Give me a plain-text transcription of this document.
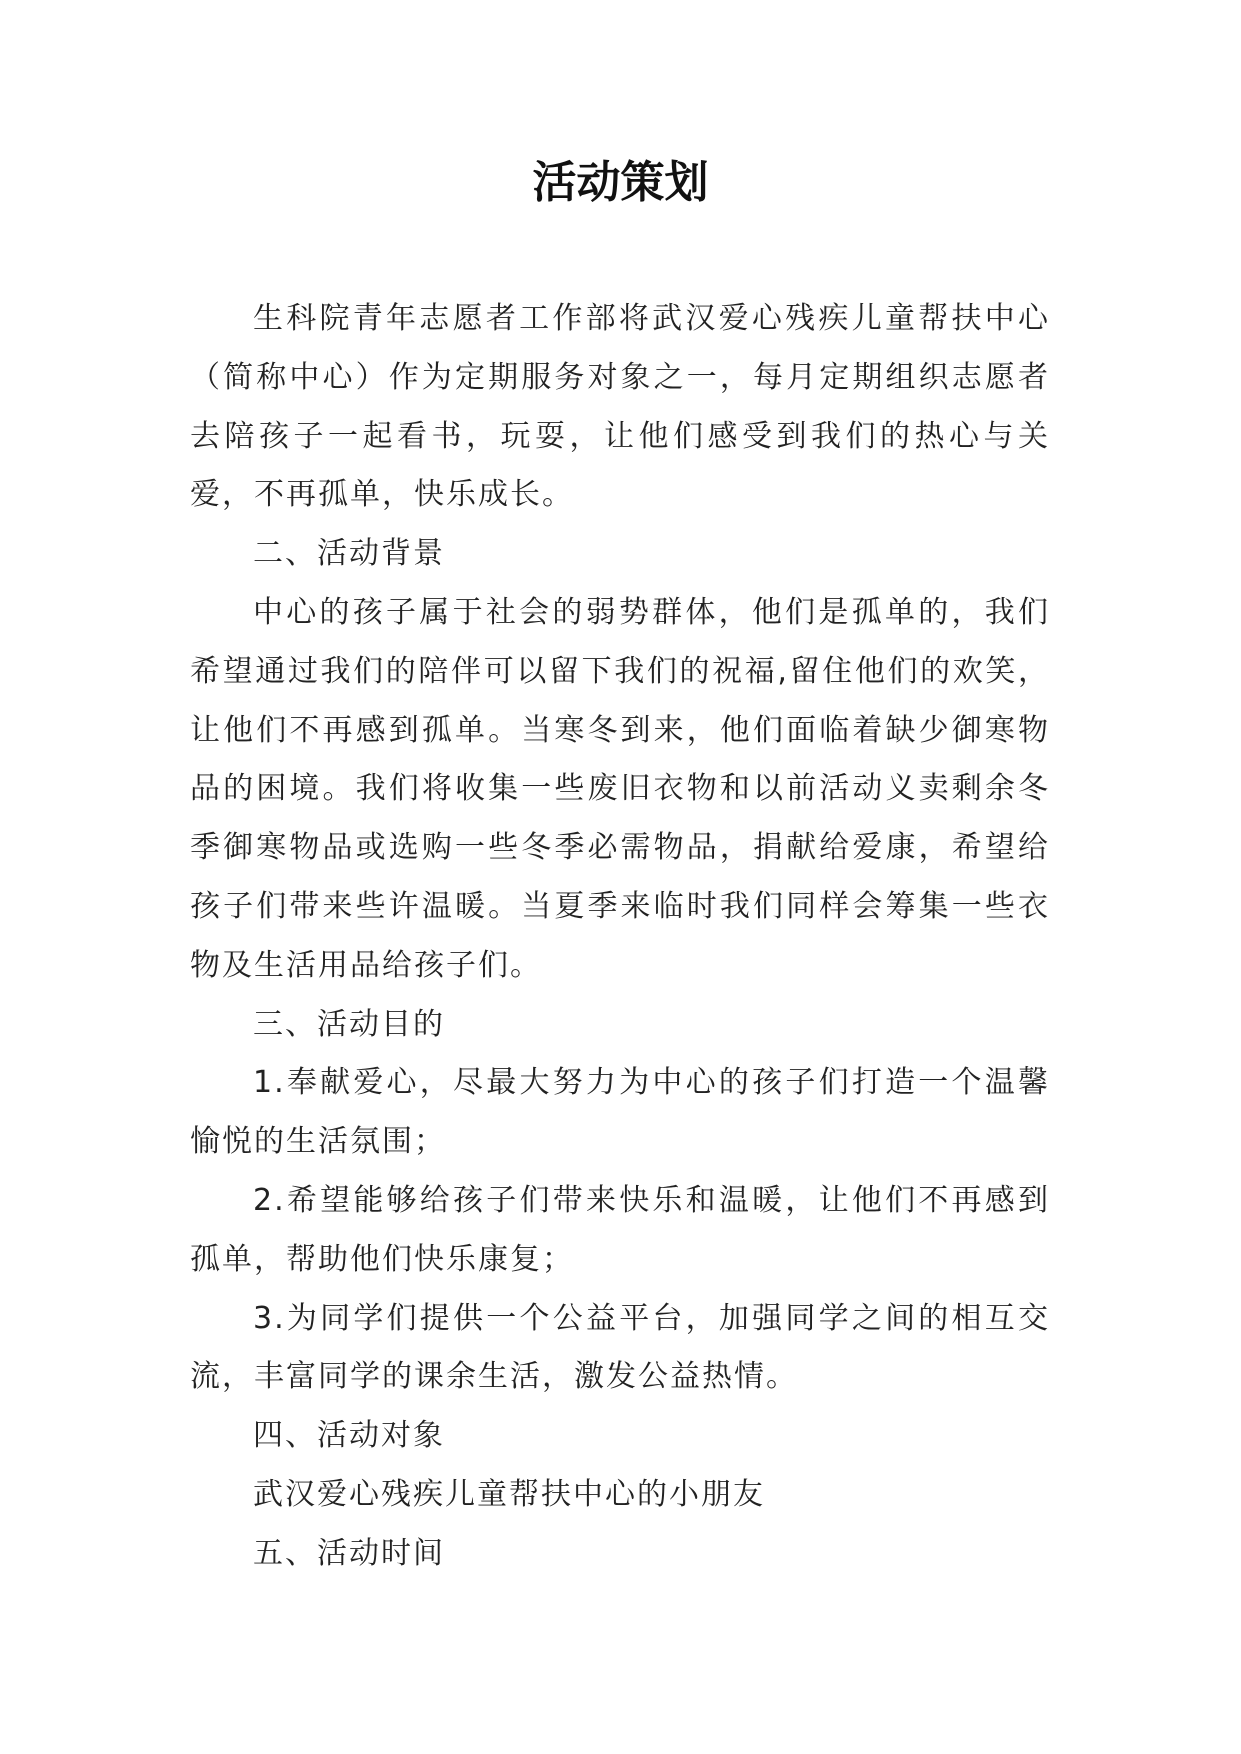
活动策划

生科院青年志愿者工作部将武汉爱心残疾儿童帮扶中心（简称中心）作为定期服务对象之一，每月定期组织志愿者去陪孩子一起看书，玩耍，让他们感受到我们的热心与关爱，不再孤单，快乐成长。

二、活动背景

中心的孩子属于社会的弱势群体，他们是孤单的，我们希望通过我们的陪伴可以留下我们的祝福,留住他们的欢笑，让他们不再感到孤单。当寒冬到来，他们面临着缺少御寒物品的困境。我们将收集一些废旧衣物和以前活动义卖剩余冬季御寒物品或选购一些冬季必需物品，捐献给爱康，希望给孩子们带来些许温暖。当夏季来临时我们同样会筹集一些衣物及生活用品给孩子们。

三、活动目的

1.奉献爱心，尽最大努力为中心的孩子们打造一个温馨愉悦的生活氛围；

2.希望能够给孩子们带来快乐和温暖，让他们不再感到孤单，帮助他们快乐康复；

3.为同学们提供一个公益平台，加强同学之间的相互交流，丰富同学的课余生活，激发公益热情。

四、活动对象

武汉爱心残疾儿童帮扶中心的小朋友

五、活动时间
